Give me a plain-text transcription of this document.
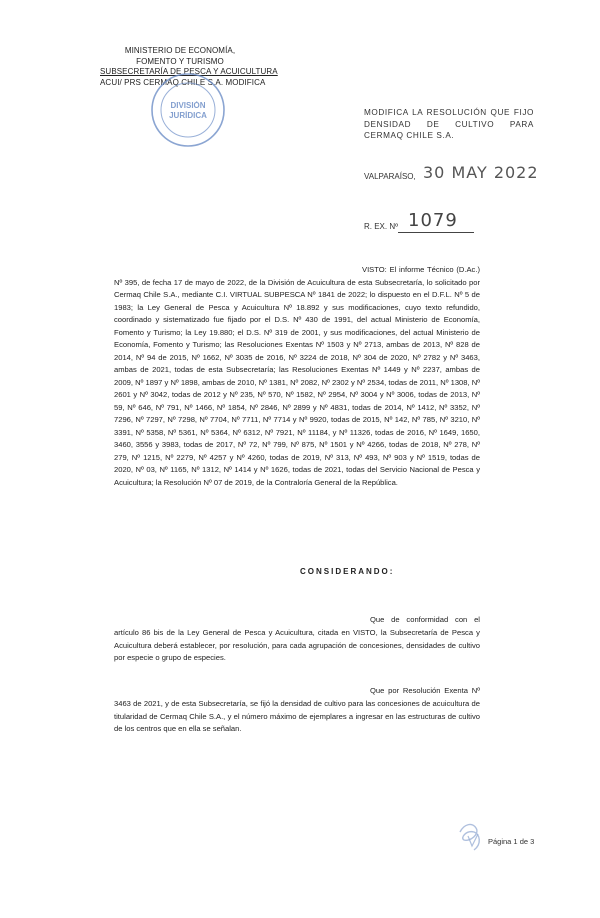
MINISTERIO DE ECONOMÍA,
FOMENTO Y TURISMO
SUBSECRETARÍA DE PESCA Y ACUICULTURA
ACUI/ PRS CERMAQ CHILE S.A. MODIFICA
DIVISIÓN
JURÍDICA	MODIFICA LA RESOLUCIÓN QUE FIJO DENSIDAD DE CULTIVO PARA CERMAQ CHILE S.A.
VALPARAÍSO, 30 MAY 2022
R. EX. Nº 1079
VISTO: El informe Técnico (D.Ac.) Nº 395, de fecha 17 de mayo de 2022, de la División de Acuicultura de esta Subsecretaría, lo solicitado por Cermaq Chile S.A., mediante C.I. VIRTUAL SUBPESCA Nº 1841 de 2022; lo dispuesto en el D.F.L. Nº 5 de 1983; la Ley General de Pesca y Acuicultura Nº 18.892 y sus modificaciones, cuyo texto refundido, coordinado y sistematizado fue fijado por el D.S. Nº 430 de 1991, del actual Ministerio de Economía, Fomento y Turismo; la Ley 19.880; el D.S. Nº 319 de 2001, y sus modificaciones, del actual Ministerio de Economía, Fomento y Turismo; las Resoluciones Exentas Nº 1503 y Nº 2713, ambas de 2013, Nº 828 de 2014, Nº 94 de 2015, Nº 1662, Nº 3035 de 2016, Nº 3224 de 2018, Nº 304 de 2020, Nº 2782 y Nº 3463, ambas de 2021, todas de esta Subsecretaría; las Resoluciones Exentas Nº 1449 y Nº 2237, ambas de 2009, Nº 1897 y Nº 1898, ambas de 2010, Nº 1381, Nº 2082, Nº 2302 y Nº 2534, todas de 2011, Nº 1308, Nº 2601 y Nº 3042, todas de 2012 y Nº 235, Nº 570, Nº 1582, Nº 2954, Nº 3004 y Nº 3006, todas de 2013, Nº 59, Nº 646, Nº 791, Nº 1466, Nº 1854, Nº 2846, Nº 2899 y Nº 4831, todas de 2014, Nº 1412, Nº 3352, Nº 7296, Nº 7297, Nº 7298, Nº 7704, Nº 7711, Nº 7714 y Nº 9920, todas de 2015, Nº 142, Nº 785, Nº 3210, Nº 3391, Nº 5358, Nº 5361, Nº 5364, Nº 6312, Nº 7921, Nº 11184, y Nº 11326, todas de 2016, Nº 1649, 1650, 3460, 3556 y 3983, todas de 2017, Nº 72, Nº 799, Nº 875, Nº 1501 y Nº 4266, todas de 2018, Nº 278, Nº 279, Nº 1215, Nº 2279, Nº 4257 y Nº 4260, todas de 2019, Nº 313, Nº 493, Nº 903 y Nº 1519, todas de 2020, Nº 03, Nº 1165, Nº 1312, Nº 1414 y Nº 1626, todas de 2021, todas del Servicio Nacional de Pesca y Acuicultura; la Resolución Nº 07 de 2019, de la Contraloría General de la República.
CONSIDERANDO:
Que de conformidad con el artículo 86 bis de la Ley General de Pesca y Acuicultura, citada en VISTO, la Subsecretaría de Pesca y Acuicultura deberá establecer, por resolución, para cada agrupación de concesiones, densidades de cultivo por especie o grupo de especies.
Que por Resolución Exenta Nº 3463 de 2021, y de esta Subsecretaría, se fijó la densidad de cultivo para las concesiones de acuicultura de titularidad de Cermaq Chile S.A., y el número máximo de ejemplares a ingresar en las estructuras de cultivo de los centros que en ella se señalan.
Página 1 de 3
